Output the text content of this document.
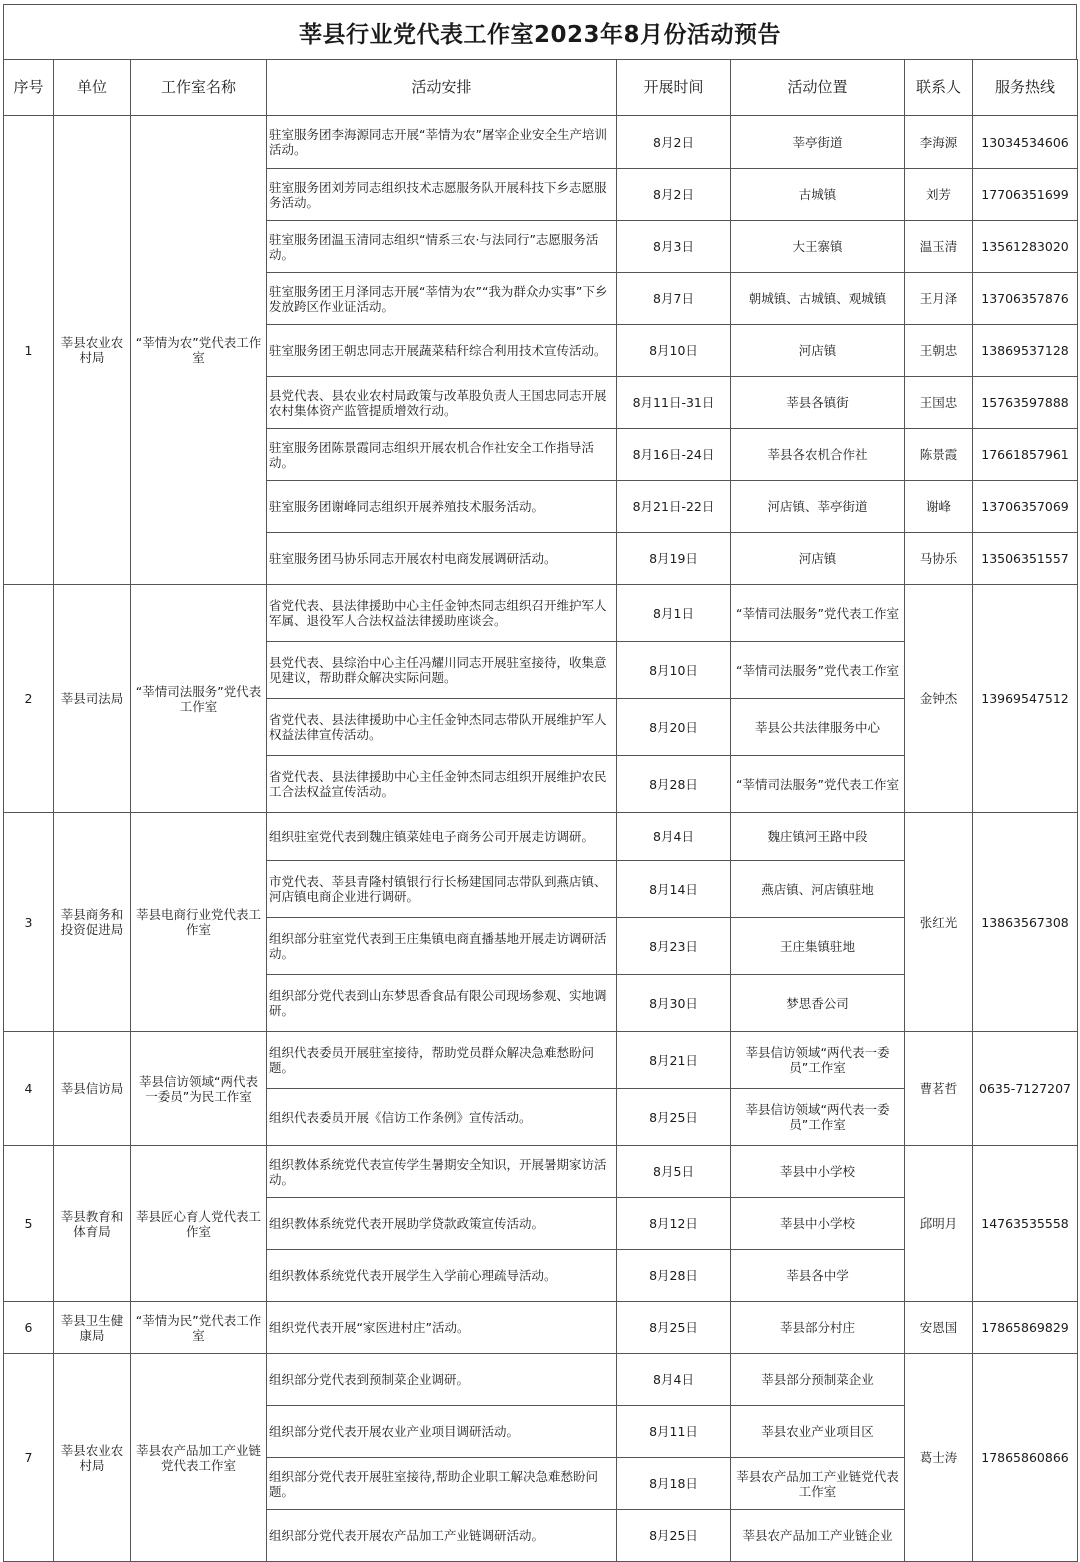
莘县行业党代表工作室2023年8月份活动预告
序号	单位	工作室名称	活动安排	开展时间	活动位置	联系人	服务热线
1	莘县农业农村局	“莘情为农”党代表工作室	驻室服务团李海源同志开展“莘情为农”屠宰企业安全生产培训活动。	8月2日	莘亭街道	李海源	13034534606
			驻室服务团刘芳同志组织技术志愿服务队开展科技下乡志愿服务活动。	8月2日	古城镇	刘芳	17706351699
			驻室服务团温玉清同志组织“情系三农·与法同行”志愿服务活动。	8月3日	大王寨镇	温玉清	13561283020
			驻室服务团王月泽同志开展“莘情为农”“我为群众办实事”下乡发放跨区作业证活动。	8月7日	朝城镇、古城镇、观城镇	王月泽	13706357876
			驻室服务团王朝忠同志开展蔬菜秸秆综合利用技术宣传活动。	8月10日	河店镇	王朝忠	13869537128
			县党代表、县农业农村局政策与改革股负责人王国忠同志开展农村集体资产监管提质增效行动。	8月11日-31日	莘县各镇街	王国忠	15763597888
			驻室服务团陈景霞同志组织开展农机合作社安全工作指导活动。	8月16日-24日	莘县各农机合作社	陈景霞	17661857961
			驻室服务团谢峰同志组织开展养殖技术服务活动。	8月21日-22日	河店镇、莘亭街道	谢峰	13706357069
			驻室服务团马协乐同志开展农村电商发展调研活动。	8月19日	河店镇	马协乐	13506351557
2	莘县司法局	“莘情司法服务”党代表工作室	省党代表、县法律援助中心主任金钟杰同志组织召开维护军人军属、退役军人合法权益法律援助座谈会。	8月1日	“莘情司法服务”党代表工作室	金钟杰	13969547512
			县党代表、县综治中心主任冯耀川同志开展驻室接待，收集意见建议，帮助群众解决实际问题。	8月10日	“莘情司法服务”党代表工作室		
			省党代表、县法律援助中心主任金钟杰同志带队开展维护军人权益法律宣传活动。	8月20日	莘县公共法律服务中心		
			省党代表、县法律援助中心主任金钟杰同志组织开展维护农民工合法权益宣传活动。	8月28日	“莘情司法服务”党代表工作室		
3	莘县商务和投资促进局	莘县电商行业党代表工作室	组织驻室党代表到魏庄镇菜娃电子商务公司开展走访调研。	8月4日	魏庄镇河王路中段	张红光	13863567308
			市党代表、莘县青隆村镇银行行长杨建国同志带队到燕店镇、河店镇电商企业进行调研。	8月14日	燕店镇、河店镇驻地		
			组织部分驻室党代表到王庄集镇电商直播基地开展走访调研活动。	8月23日	王庄集镇驻地		
			组织部分党代表到山东梦思香食品有限公司现场参观、实地调研。	8月30日	梦思香公司		
4	莘县信访局	莘县信访领域“两代表一委员”为民工作室	组织代表委员开展驻室接待，帮助党员群众解决急难愁盼问题。	8月21日	莘县信访领域“两代表一委员”工作室	曹茗哲	0635-7127207
			组织代表委员开展《信访工作条例》宣传活动。	8月25日	莘县信访领域“两代表一委员”工作室		
5	莘县教育和体育局	莘县匠心育人党代表工作室	组织教体系统党代表宣传学生暑期安全知识，开展暑期家访活动。	8月5日	莘县中小学校	邱明月	14763535558
			组织教体系统党代表开展助学贷款政策宣传活动。	8月12日	莘县中小学校		
			组织教体系统党代表开展学生入学前心理疏导活动。	8月28日	莘县各中学		
6	莘县卫生健康局	“莘情为民”党代表工作室	组织党代表开展“家医进村庄”活动。	8月25日	莘县部分村庄	安恩国	17865869829
7	莘县农业农村局	莘县农产品加工产业链党代表工作室	组织部分党代表到预制菜企业调研。	8月4日	莘县部分预制菜企业	葛士涛	17865860866
			组织部分党代表开展农业产业项目调研活动。	8月11日	莘县农业产业项目区		
			组织部分党代表开展驻室接待,帮助企业职工解决急难愁盼问题。	8月18日	莘县农产品加工产业链党代表工作室		
			组织部分党代表开展农产品加工产业链调研活动。	8月25日	莘县农产品加工产业链企业		
